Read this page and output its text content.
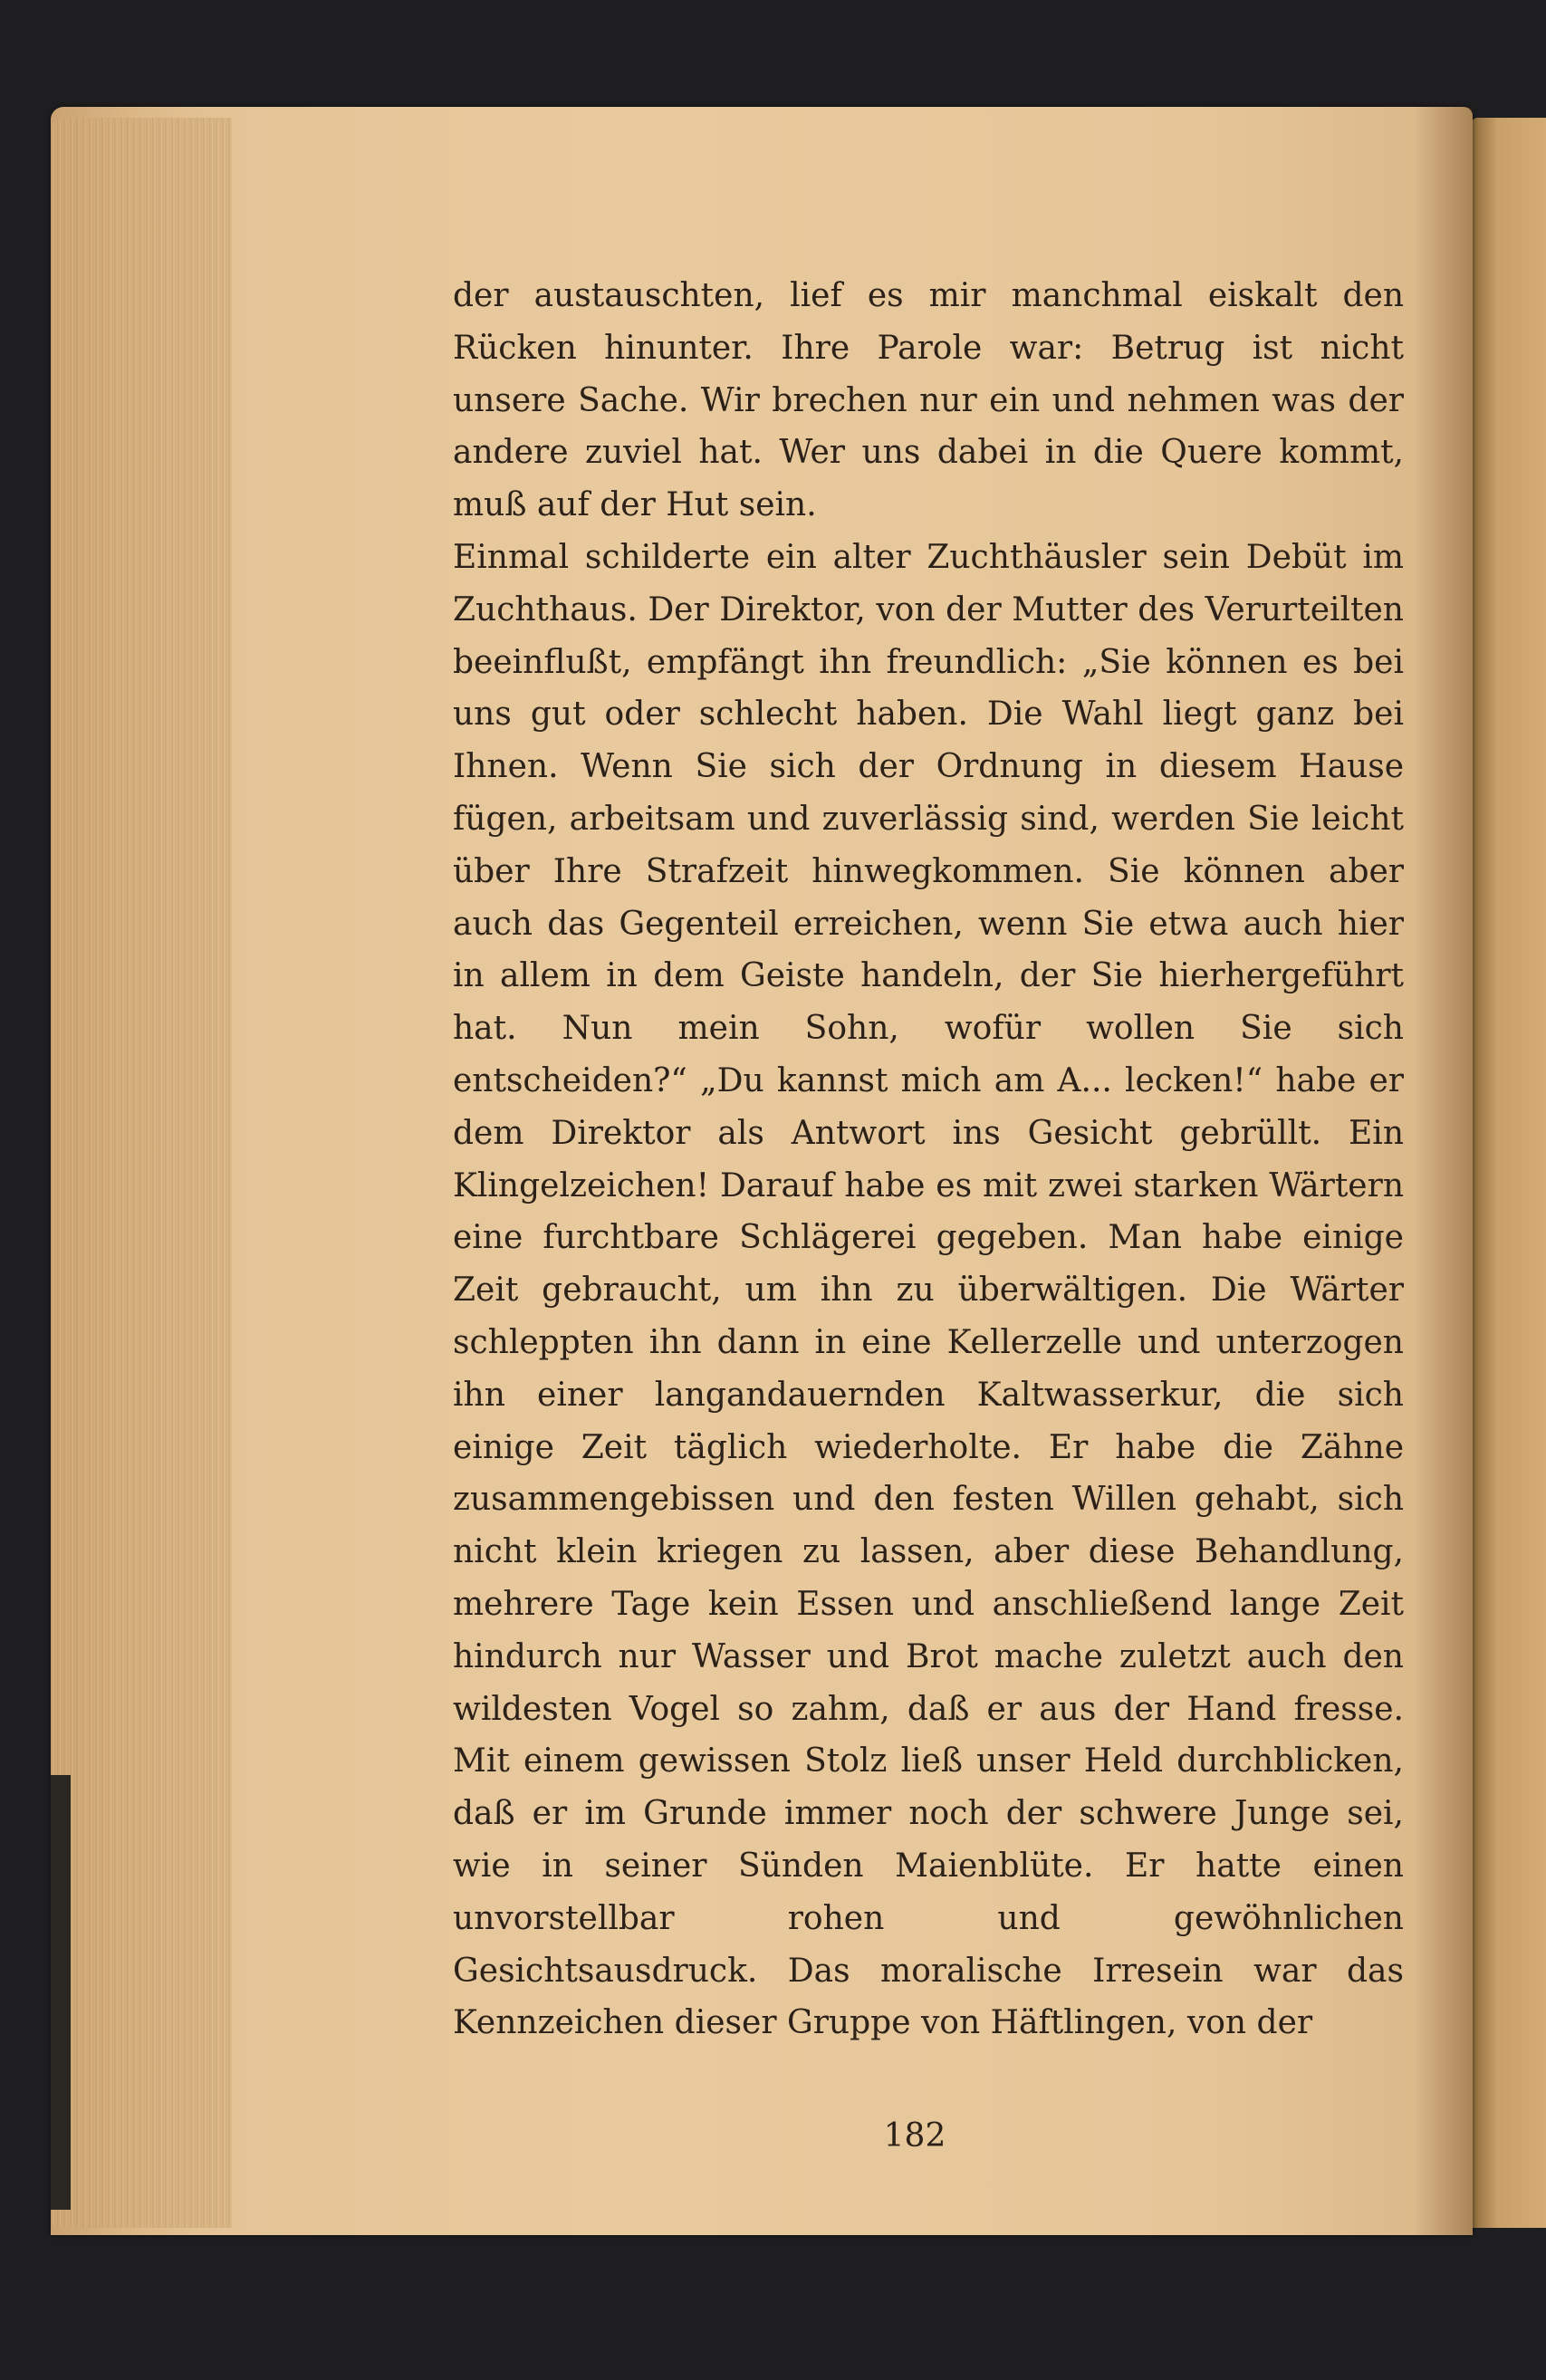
der austauschten, lief es mir manchmal eiskalt den Rücken hinunter. Ihre Parole war: Betrug ist nicht unsere Sache. Wir brechen nur ein und nehmen was der andere zuviel hat. Wer uns dabei in die Quere kommt, muß auf der Hut sein.

Einmal schilderte ein alter Zuchthäusler sein Debüt im Zuchthaus. Der Direktor, von der Mutter des Verurteilten beeinflußt, empfängt ihn freundlich: „Sie können es bei uns gut oder schlecht haben. Die Wahl liegt ganz bei Ihnen. Wenn Sie sich der Ordnung in diesem Hause fügen, arbeitsam und zuverlässig sind, werden Sie leicht über Ihre Strafzeit hinwegkommen. Sie können aber auch das Gegenteil erreichen, wenn Sie etwa auch hier in allem in dem Geiste handeln, der Sie hierhergeführt hat. Nun mein Sohn, wofür wollen Sie sich entscheiden?“ „Du kannst mich am A... lecken!“ habe er dem Direktor als Antwort ins Gesicht gebrüllt. Ein Klingelzeichen! Darauf habe es mit zwei starken Wärtern eine furchtbare Schlägerei gegeben. Man habe einige Zeit gebraucht, um ihn zu überwältigen. Die Wärter schleppten ihn dann in eine Kellerzelle und unterzogen ihn einer langandauernden Kaltwasserkur, die sich einige Zeit täglich wiederholte. Er habe die Zähne zusammengebissen und den festen Willen gehabt, sich nicht klein kriegen zu lassen, aber diese Behandlung, mehrere Tage kein Essen und anschließend lange Zeit hindurch nur Wasser und Brot mache zuletzt auch den wildesten Vogel so zahm, daß er aus der Hand fresse. Mit einem gewissen Stolz ließ unser Held durchblicken, daß er im Grunde immer noch der schwere Junge sei, wie in seiner Sünden Maienblüte. Er hatte einen unvorstellbar rohen und gewöhnlichen Gesichtsausdruck. Das moralische Irresein war das Kennzeichen dieser Gruppe von Häftlingen, von der

182
